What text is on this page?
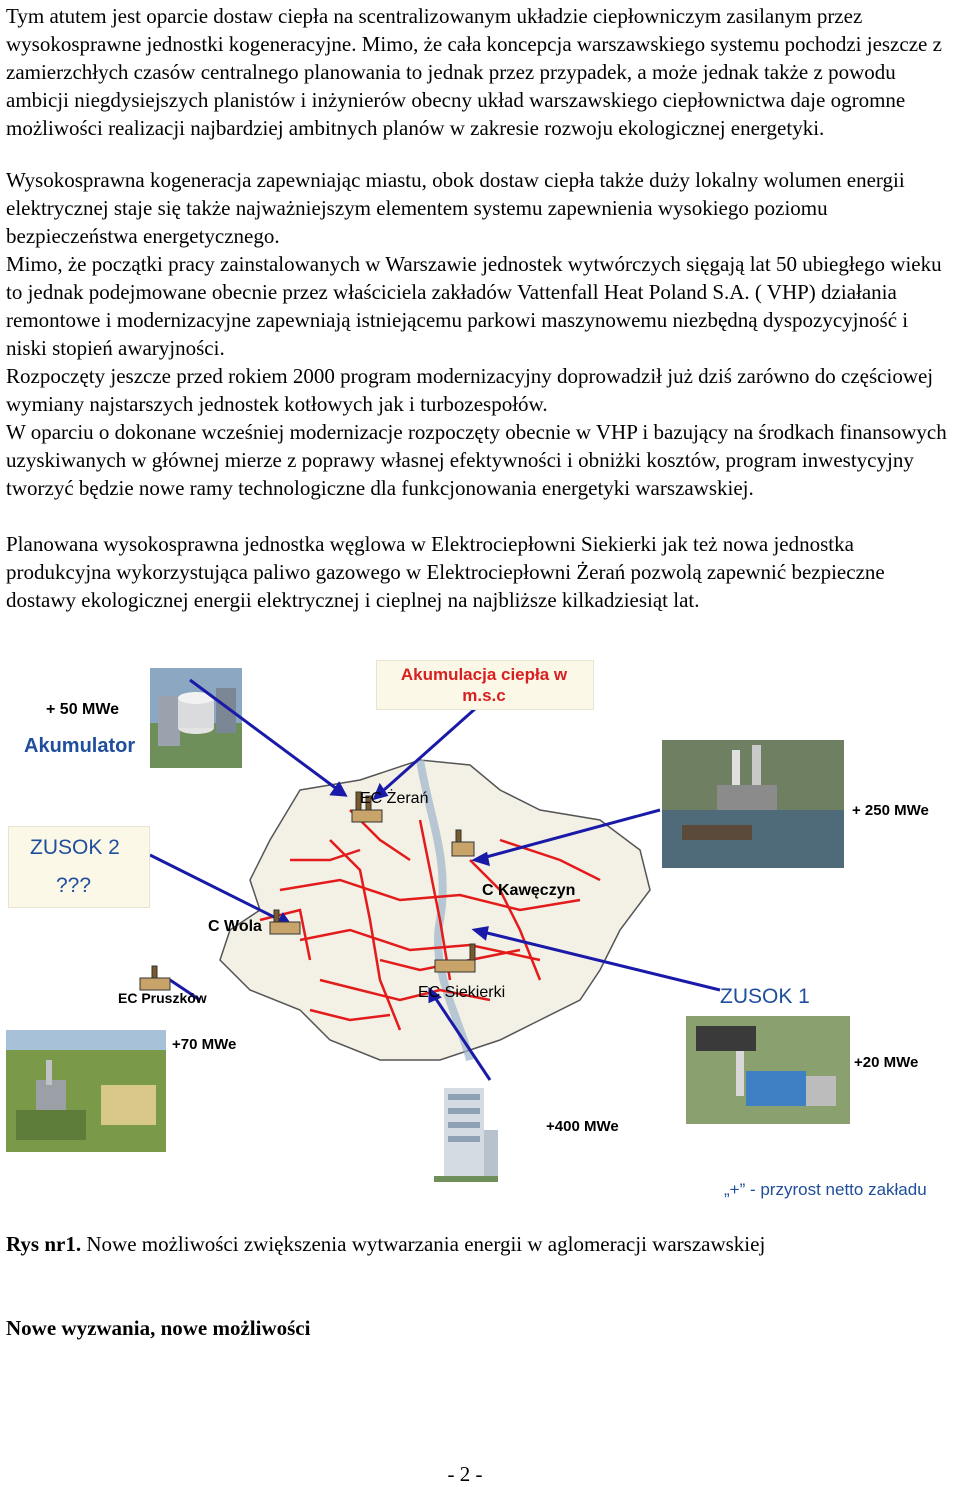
Tym atutem jest oparcie dostaw ciepła na scentralizowanym układzie ciepłowniczym zasilanym przez wysokosprawne jednostki kogeneracyjne. Mimo, że cała koncepcja warszawskiego systemu pochodzi jeszcze z zamierzchłych czasów centralnego planowania to jednak przez przypadek, a może jednak także z powodu ambicji niegdysiejszych planistów i inżynierów obecny układ warszawskiego ciepłownictwa daje ogromne możliwości realizacji najbardziej ambitnych planów w zakresie rozwoju ekologicznej energetyki.

Wysokosprawna kogeneracja zapewniając miastu, obok dostaw ciepła także duży lokalny wolumen energii elektrycznej staje się także najważniejszym elementem systemu zapewnienia wysokiego poziomu bezpieczeństwa energetycznego.

Mimo, że początki pracy zainstalowanych w Warszawie jednostek wytwórczych sięgają lat 50 ubiegłego wieku to jednak podejmowane obecnie przez właściciela zakładów Vattenfall Heat Poland S.A. ( VHP) działania remontowe i modernizacyjne zapewniają istniejącemu parkowi maszynowemu niezbędną dyspozycyjność i niski stopień awaryjności.

Rozpoczęty jeszcze przed rokiem 2000 program modernizacyjny doprowadził już dziś zarówno do częściowej wymiany najstarszych jednostek kotłowych jak i turbozespołów.

W oparciu o dokonane wcześniej modernizacje rozpoczęty obecnie w VHP i bazujący na środkach finansowych uzyskiwanych w głównej mierze z poprawy własnej efektywności i obniżki kosztów, program inwestycyjny tworzyć będzie nowe ramy technologiczne dla funkcjonowania energetyki warszawskiej.

Planowana wysokosprawna jednostka węglowa w Elektrociepłowni Siekierki jak też nowa jednostka produkcyjna wykorzystująca paliwo gazowego w Elektrociepłowni Żerań pozwolą zapewnić bezpieczne dostawy ekologicznej energii elektrycznej i cieplnej na najbliższe kilkadziesiąt lat.

Akumulacja ciepła w m.s.c
ZUSOK 2
???
+ 50 MWe
Akumulator
EC Żerań
+ 250 MWe
C Kawęczyn
C Wola
EC Pruszków	EC Siekierki	ZUSOK 1
+70 MWe
+20 MWe
+400 MWe
„+” - przyrost netto zakładu
Rys nr1. Nowe możliwości zwiększenia wytwarzania energii w aglomeracji warszawskiej
Nowe wyzwania, nowe możliwości
- 2 -
